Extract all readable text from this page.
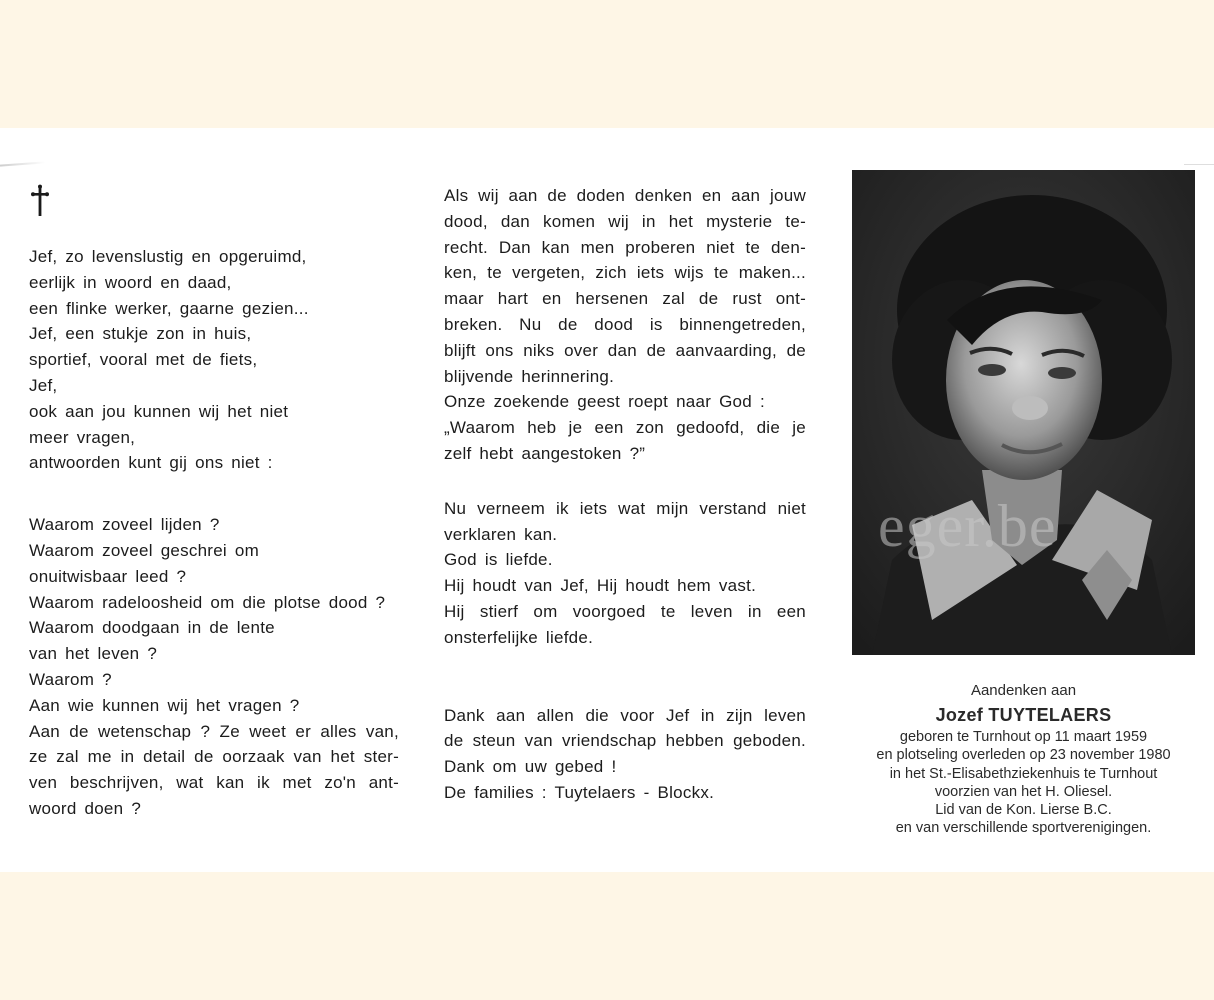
Jef, zo levenslustig en opgeruimd,
eerlijk in woord en daad,
een flinke werker, gaarne gezien...
Jef, een stukje zon in huis,
sportief, vooral met de fiets,
Jef,
ook aan jou kunnen wij het niet
meer vragen,
antwoorden kunt gij ons niet :
Waarom zoveel lijden ?
Waarom zoveel geschrei om
onuitwisbaar leed ?
Waarom radeloosheid om die plotse dood ?
Waarom doodgaan in de lente
van het leven ?
Waarom ?
Aan wie kunnen wij het vragen ?
Aan de wetenschap ? Ze weet er alles van,
ze zal me in detail de oorzaak van het ster-
ven beschrijven, wat kan ik met zo'n ant-
woord doen ?
Als wij aan de doden denken en aan jouw
dood, dan komen wij in het mysterie te-
recht. Dan kan men proberen niet te den-
ken, te vergeten, zich iets wijs te maken...
maar hart en hersenen zal de rust ont-
breken. Nu de dood is binnengetreden,
blijft ons niks over dan de aanvaarding, de
blijvende herinnering.
Onze zoekende geest roept naar God :
„Waarom heb je een zon gedoofd, die je
zelf hebt aangestoken ?”
Nu verneem ik iets wat mijn verstand niet
verklaren kan.
God is liefde.
Hij houdt van Jef, Hij houdt hem vast.
Hij stierf om voorgoed te leven in een
onsterfelijke liefde.
Dank aan allen die voor Jef in zijn leven
de steun van vriendschap hebben geboden.
Dank om uw gebed !
De families : Tuytelaers - Blockx.
eger.be
Aandenken aan
Jozef TUYTELAERS
geboren te Turnhout op 11 maart 1959
en plotseling overleden op 23 november 1980
in het St.-Elisabethziekenhuis te Turnhout
voorzien van het H. Oliesel.
Lid van de Kon. Lierse B.C.
en van verschillende sportverenigingen.
